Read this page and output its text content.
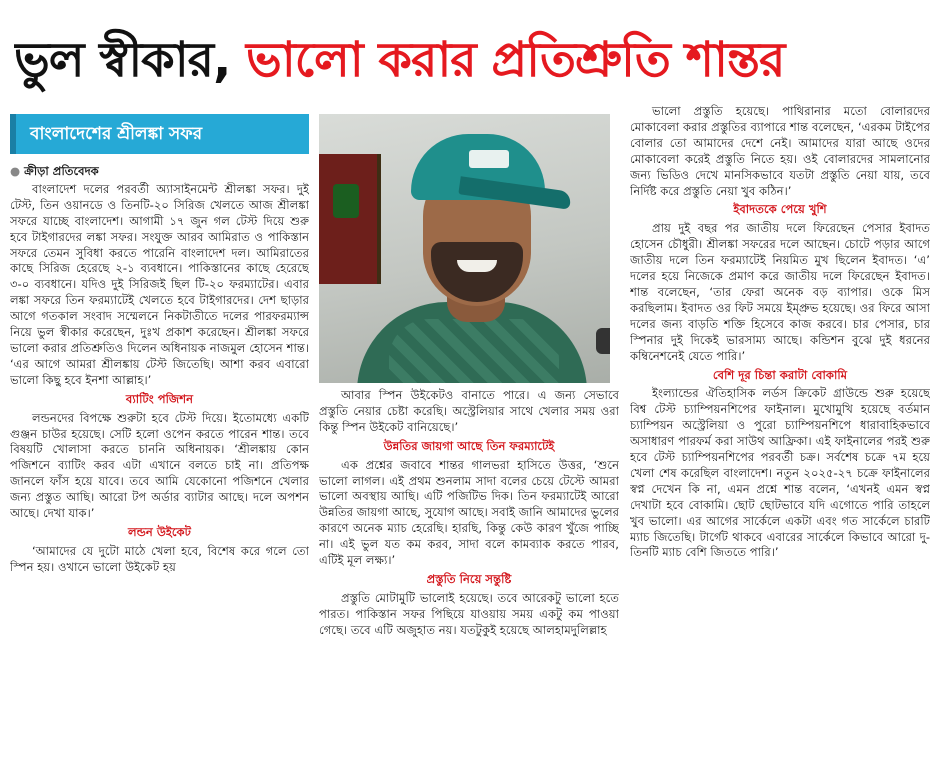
ভুল স্বীকার, ভালো করার প্রতিশ্রুতি শান্তর
বাংলাদেশের শ্রীলঙ্কা সফর
● ক্রীড়া প্রতিবেদক

বাংলাদেশ দলের পরবর্তী অ্যাসাইনমেন্ট শ্রীলঙ্কা সফর। দুই টেস্ট, তিন ওয়ানডে ও তিনটি-২০ সিরিজ খেলতে আজ শ্রীলঙ্কা সফরে যাচ্ছে বাংলাদেশ। আগামী ১৭ জুন গল টেস্ট দিয়ে শুরু হবে টাইগারদের লঙ্কা সফর। সংযুক্ত আরব আমিরাত ও পাকিস্তান সফরে তেমন সুবিধা করতে পারেনি বাংলাদেশ দল। আমিরাতের কাছে সিরিজ হেরেছে ২-১ ব্যবধানে। পাকিস্তানের কাছে হেরেছে ৩-০ ব্যবধানে। যদিও দুই সিরিজই ছিল টি-২০ ফরম্যাটের। এবার লঙ্কা সফরে তিন ফরম্যাটেই খেলতে হবে টাইগারদের। দেশ ছাড়ার আগে গতকাল সংবাদ সম্মেলনে নিকটাতীতে দলের পারফরম্যান্স নিয়ে ভুল স্বীকার করেছেন, দুঃখ প্রকাশ করেছেন। শ্রীলঙ্কা সফরে ভালো করার প্রতিশ্রুতিও দিলেন অধিনায়ক নাজমুল হোসেন শান্ত। ‘এর আগে আমরা শ্রীলঙ্কায় টেস্ট জিতেছি। আশা করব এবারো ভালো কিছু হবে ইনশা আল্লাহ।’

ব্যাটিং পজিশন

লন্ডনদের বিপক্ষে শুরুটা হবে টেস্ট দিয়ে। ইতোমধ্যে একটি গুঞ্জন চাউর হয়েছে। সেটি হলো ওপেন করতে পারেন শান্ত। তবে বিষয়টি খোলাসা করতে চাননি অধিনায়ক। ‘শ্রীলঙ্কায় কোন পজিশনে ব্যাটিং করব এটা এখানে বলতে চাই না। প্রতিপক্ষ জানলে ফাঁস হয়ে যাবে। তবে আমি যেকোনো পজিশনে খেলার জন্য প্রস্তুত আছি। আরো টপ অর্ডার ব্যাটার আছে। দলে অপশন আছে। দেখা যাক।’

লন্ডন উইকেট

‘আমাদের যে দুটো মাঠে খেলা হবে, বিশেষ করে গলে তো স্পিন হয়। ওখানে ভালো উইকেট হয়

আবার স্পিন উইকেটও বানাতে পারে। এ জন্য সেভাবে প্রস্তুতি নেয়ার চেষ্টা করেছি। অস্ট্রেলিয়ার সাথে খেলার সময় ওরা কিন্তু স্পিন উইকেট বানিয়েছে।’

উন্নতির জায়গা আছে তিন ফরম্যাটেই

এক প্রশ্নের জবাবে শান্তর গালভরা হাসিতে উত্তর, ‘শুনে ভালো লাগল। এই প্রথম শুনলাম সাদা বলের চেয়ে টেস্টে আমরা ভালো অবস্থায় আছি। এটি পজিটিভ দিক। তিন ফরম্যাটেই আরো উন্নতির জায়গা আছে, সুযোগ আছে। সবাই জানি আমাদের ভুলের কারণে অনেক ম্যাচ হেরেছি। হারছি, কিন্তু কেউ কারণ খুঁজে পাচ্ছি না। এই ভুল যত কম করব, সাদা বলে কামব্যাক করতে পারব, এটিই মূল লক্ষ্য।’

প্রস্তুতি নিয়ে সন্তুষ্টি

প্রস্তুতি মোটামুটি ভালোই হয়েছে। তবে আরেকটু ভালো হতে পারত। পাকিস্তান সফর পিছিয়ে যাওয়ায় সময় একটু কম পাওয়া গেছে। তবে এটি অজুহাত নয়। যতটুকুই হয়েছে আলহামদুলিল্লাহ

ভালো প্রস্তুতি হয়েছে। পাথিরানার মতো বোলারদের মোকাবেলা করার প্রস্তুতির ব্যাপারে শান্ত বলেছেন, ‘এরকম টাইপের বোলার তো আমাদের দেশে নেই। আমাদের যারা আছে ওদের মোকাবেলা করেই প্রস্তুতি নিতে হয়। ওই বোলারদের সামলানোর জন্য ভিডিও দেখে মানসিকভাবে যতটা প্রস্তুতি নেয়া যায়, তবে নির্দিষ্ট করে প্রস্তুতি নেয়া খুব কঠিন।’

ইবাদতকে পেয়ে খুশি

প্রায় দুই বছর পর জাতীয় দলে ফিরেছেন পেসার ইবাদত হোসেন চৌধুরী। শ্রীলঙ্কা সফরের দলে আছেন। চোটে পড়ার আগে জাতীয় দলে তিন ফরম্যাটেই নিয়মিত মুখ ছিলেন ইবাদত। ‘এ’ দলের হয়ে নিজেকে প্রমাণ করে জাতীয় দলে ফিরেছেন ইবাদত। শান্ত বলেছেন, ‘তার ফেরা অনেক বড় ব্যাপার। ওকে মিস করছিলাম। ইবাদত ওর ফিট সময়ে ইম্প্রুভ হয়েছে। ওর ফিরে আসা দলের জন্য বাড়তি শক্তি হিসেবে কাজ করবে। চার পেসার, চার স্পিনার দুই দিকেই ভারসাম্য আছে। কন্ডিশন বুঝে দুই ধরনের কম্বিনেশনেই যেতে পারি।’

বেশি দূর চিন্তা করাটা বোকামি

ইংল্যান্ডের ঐতিহাসিক লর্ডস ক্রিকেট গ্রাউন্ডে শুরু হয়েছে বিশ্ব টেস্ট চ্যাম্পিয়নশিপের ফাইনাল। মুখোমুখি হয়েছে বর্তমান চ্যাম্পিয়ন অস্ট্রেলিয়া ও পুরো চ্যাম্পিয়নশিপে ধারাবাহিকভাবে অসাধারণ পারফর্ম করা সাউথ আফ্রিকা। এই ফাইনালের পরই শুরু হবে টেস্ট চ্যাম্পিয়নশিপের পরবর্তী চক্র। সর্বশেষ চক্রে ৭ম হয়ে খেলা শেষ করেছিল বাংলাদেশ। নতুন ২০২৫-২৭ চক্রে ফাইনালের স্বপ্ন দেখেন কি না, এমন প্রশ্নে শান্ত বলেন, ‘এখনই এমন স্বপ্ন দেখাটা হবে বোকামি। ছোট ছোটভাবে যদি এগোতে পারি তাহলে খুব ভালো। এর আগের সার্কেলে একটা এবং গত সার্কেলে চারটি ম্যাচ জিতেছি। টার্গেট থাকবে এবারের সার্কেলে কিভাবে আরো দু-তিনটি ম্যাচ বেশি জিততে পারি।’
